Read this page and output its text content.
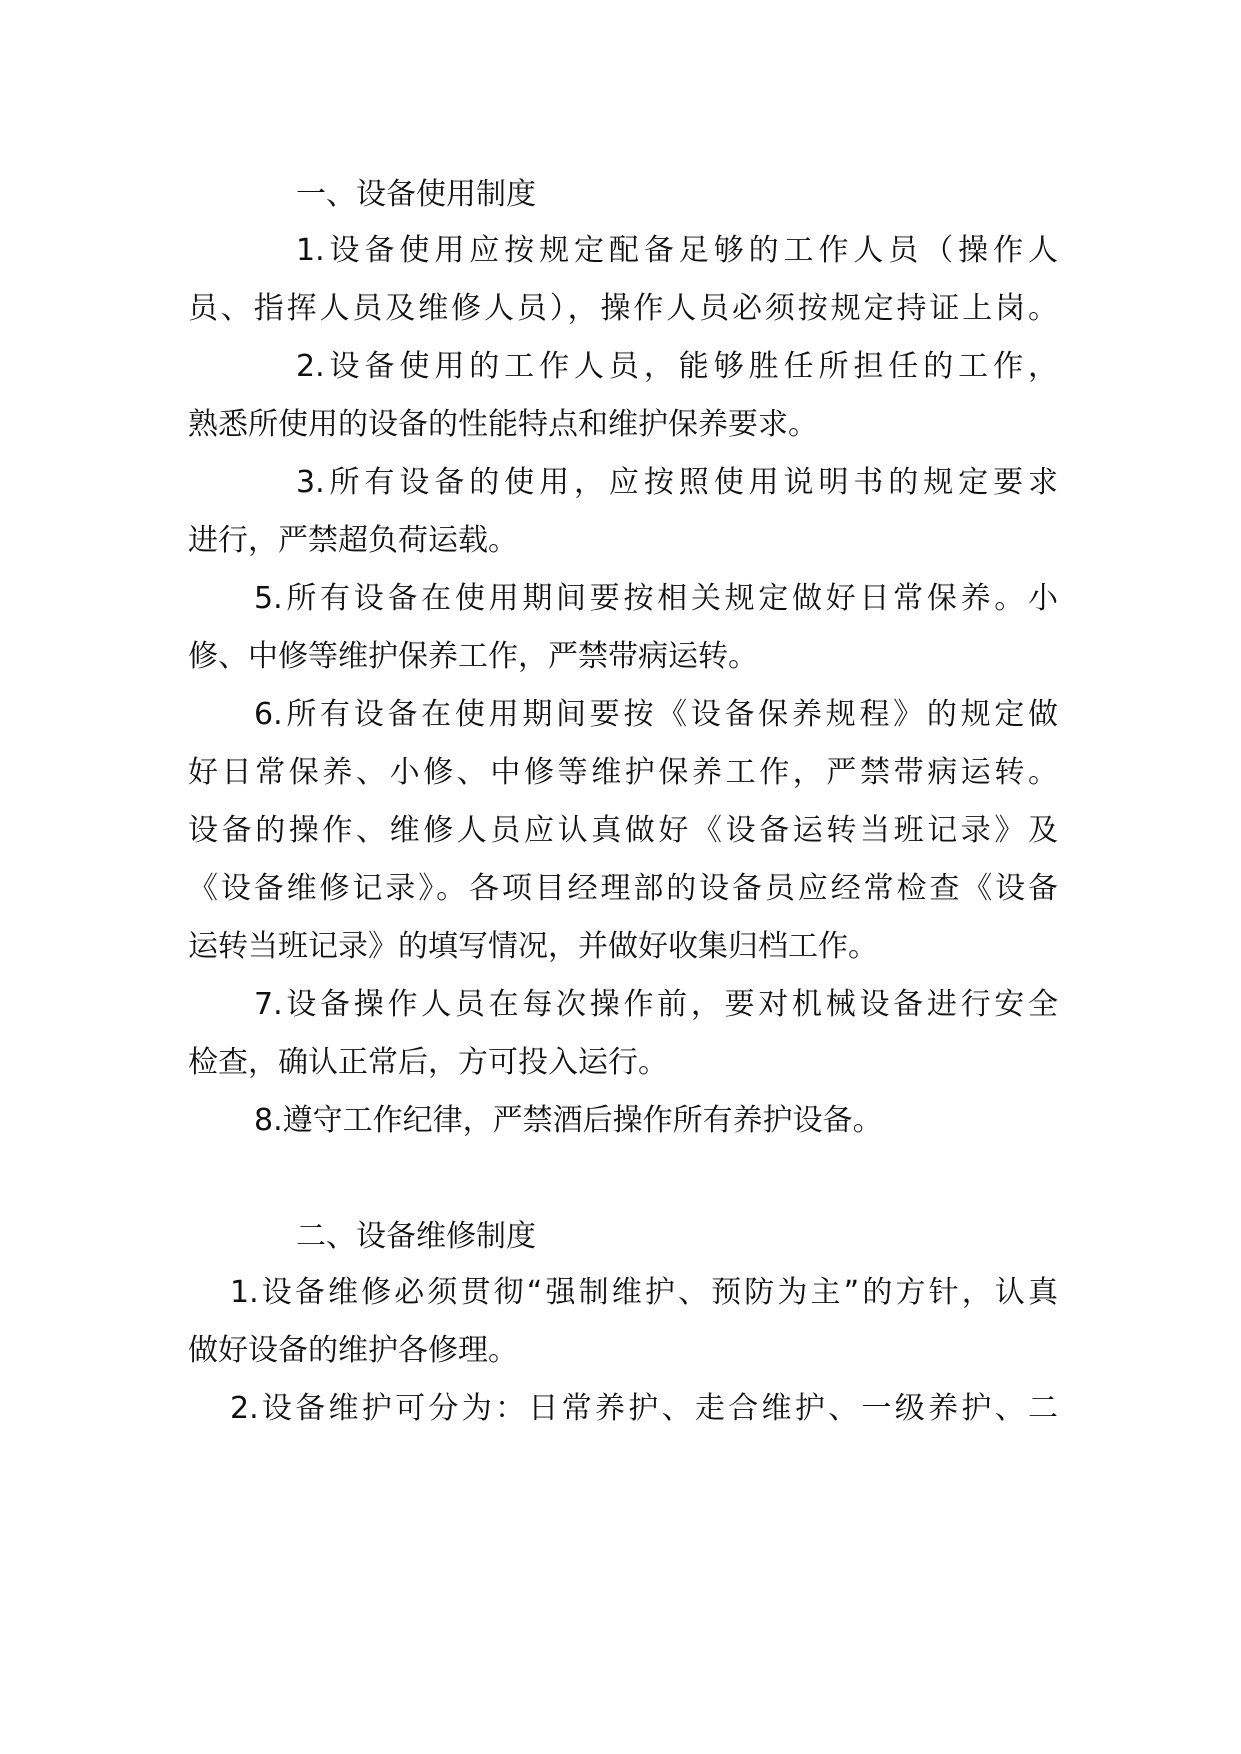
一、设备使用制度
1.设备使用应按规定配备足够的工作人员（操作人
员、指挥人员及维修人员），操作人员必须按规定持证上岗。
2.设备使用的工作人员，能够胜任所担任的工作，
熟悉所使用的设备的性能特点和维护保养要求。
3.所有设备的使用，应按照使用说明书的规定要求
进行，严禁超负荷运载。
5.所有设备在使用期间要按相关规定做好日常保养。小
修、中修等维护保养工作，严禁带病运转。
6.所有设备在使用期间要按《设备保养规程》的规定做
好日常保养、小修、中修等维护保养工作，严禁带病运转。
设备的操作、维修人员应认真做好《设备运转当班记录》及
《设备维修记录》。各项目经理部的设备员应经常检查《设备
运转当班记录》的填写情况，并做好收集归档工作。
7.设备操作人员在每次操作前，要对机械设备进行安全
检查，确认正常后，方可投入运行。
8.遵守工作纪律，严禁酒后操作所有养护设备。
二、设备维修制度
1.设备维修必须贯彻“强制维护、预防为主”的方针，认真
做好设备的维护各修理。
2.设备维护可分为：日常养护、走合维护、一级养护、二
